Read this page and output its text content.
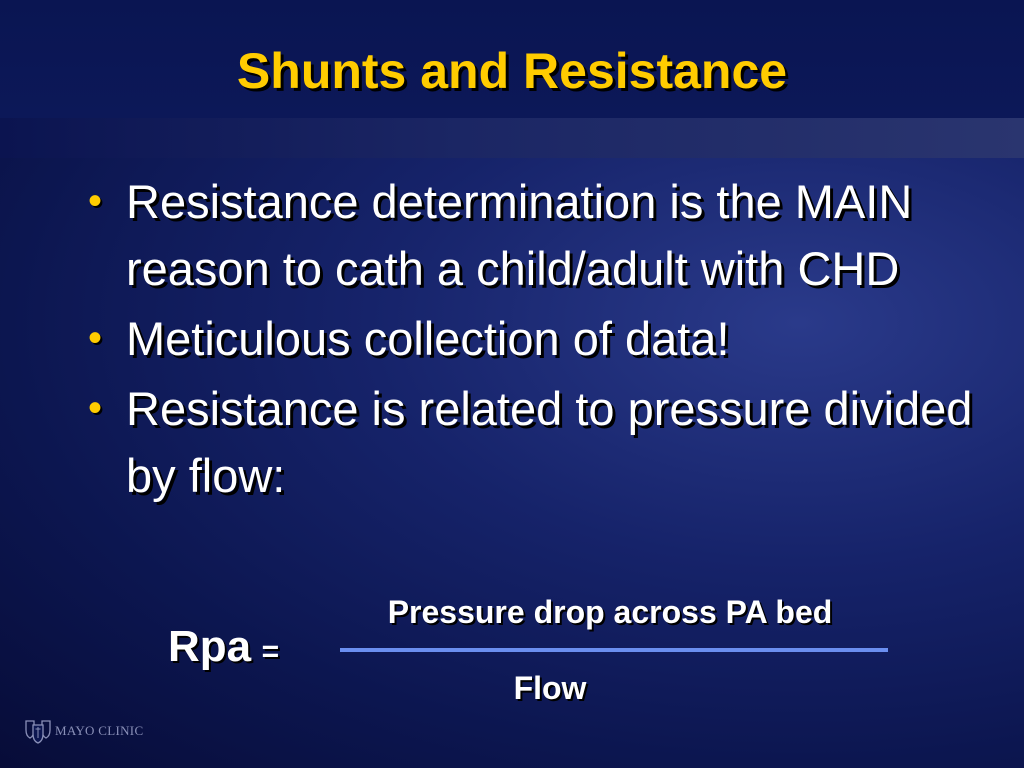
Shunts and Resistance
• Resistance determination is the MAIN reason to cath a child/adult with CHD
• Meticulous collection of data!
• Resistance is related to pressure divided by flow:
Rpa =
Pressure drop across PA bed
Flow
MAYO CLINIC
